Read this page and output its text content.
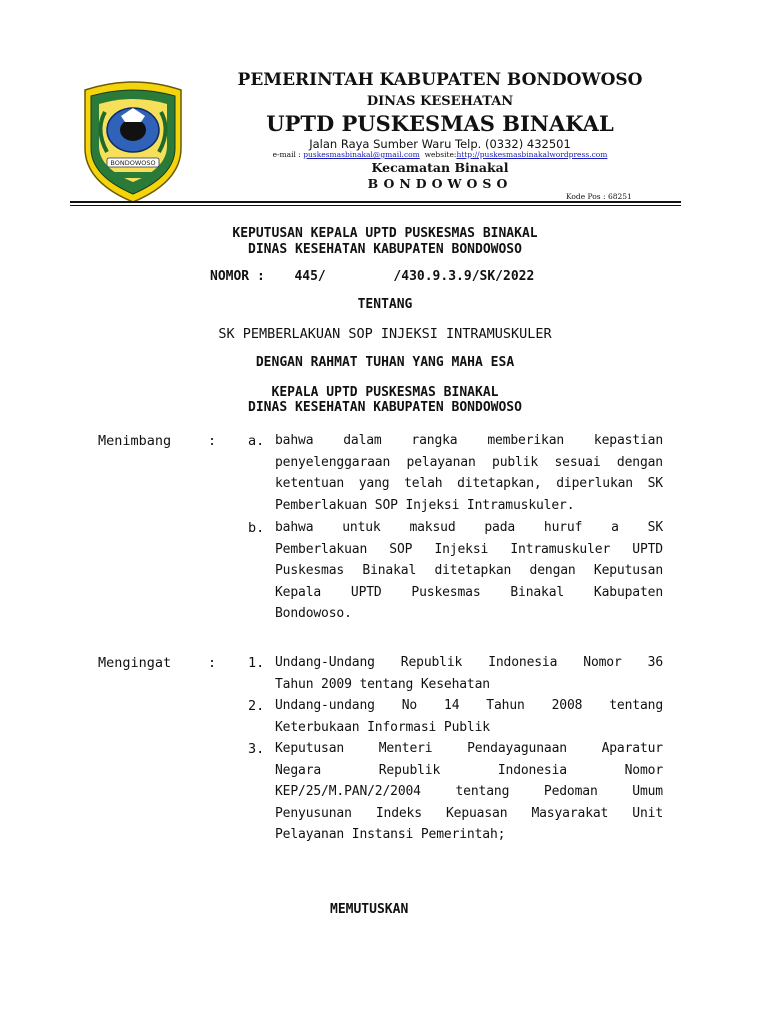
BONDOWOSO
PEMERINTAH KABUPATEN BONDOWOSO
DINAS KESEHATAN
UPTD PUSKESMAS BINAKAL
Jalan Raya Sumber Waru Telp. (0332) 432501
e-mail : puskesmasbinakal@gmail.com website:http://puskesmasbinakalwordpress.com
Kecamatan Binakal
BONDOWOSO
Kode Pos : 68251
KEPUTUSAN KEPALA UPTD PUSKESMAS BINAKAL
DINAS KESEHATAN KABUPATEN BONDOWOSO
NOMOR : 445/	/430.9.3.9/SK/2022
TENTANG
SK PEMBERLAKUAN SOP INJEKSI INTRAMUSKULER
DENGAN RAHMAT TUHAN YANG MAHA ESA
KEPALA UPTD PUSKESMAS BINAKAL
DINAS KESEHATAN KABUPATEN BONDOWOSO
Menimbang	: a. bahwa dalam rangka memberikan kepastian
penyelenggaraan pelayanan publik sesuai dengan
ketentuan yang telah ditetapkan, diperlukan SK
Pemberlakuan SOP Injeksi Intramuskuler.
b. bahwa untuk maksud pada huruf a SK
Pemberlakuan SOP Injeksi Intramuskuler UPTD
Puskesmas Binakal ditetapkan dengan Keputusan
Kepala UPTD Puskesmas Binakal Kabupaten
Bondowoso.
Mengingat	: 1. Undang-Undang Republik Indonesia Nomor 36
Tahun 2009 tentang Kesehatan
2. Undang-undang No 14 Tahun 2008 tentang
Keterbukaan Informasi Publik
3. Keputusan Menteri Pendayagunaan Aparatur
Negara Republik Indonesia Nomor
KEP/25/M.PAN/2/2004 tentang Pedoman Umum
Penyusunan Indeks Kepuasan Masyarakat Unit
Pelayanan Instansi Pemerintah;
MEMUTUSKAN
